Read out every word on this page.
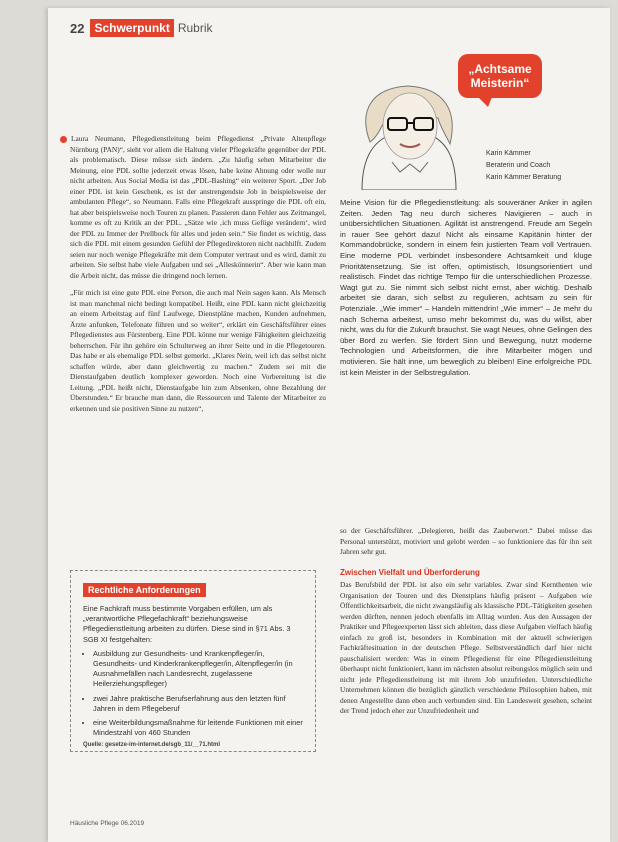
22 Schwerpunkt Rubrik
„Achtsame
Meisterin“
Karin Kämmer
Beraterin und Coach
Karin Kämmer Beratung

Laura Neumann, Pflegedienstleitung beim Pflegedienst „Private Altenpflege Nürnburg (PAN)“, sieht vor allem die Haltung vieler Pflegekräfte gegenüber der PDL als problematisch. Diese müsse sich ändern. „Zu häufig sehen Mitarbeiter die Meinung, eine PDL sollte jederzeit etwas lösen, habe keine Ahnung oder wolle nur nicht arbeiten. Aus Social Media ist das „PDL-Bashing“ ein weiterer Sport. „Der Job einer PDL ist kein Geschenk, es ist der anstrengendste Job in beispielsweise der ambulanten Pflege“, so Neumann. Falls eine Pflegekraft ausspringe die PDL oft ein, hat aber beispielsweise noch Touren zu planen. Passieren dann Fehler aus Zeitmangel, komme es oft zu Kritik an der PDL. „Sätze wie ‚ich muss Gefüge verändern‘, wird der PDL zu Immer der Prellbock für alles und jeden sein.“ Sie findet es wichtig, dass sich die PDL mit einem gesunden Gefühl der Pflegedirektoren nicht nachhilft. Zudem seien nur noch wenige Pflegekräfte mit dem Computer vertraut und es wird, damit zu arbeiten. Sie selbst habe viele Aufgaben und sei „Alleskönnerin“. Aber wie kann man die Arbeit nicht, das müsse die dringend noch lernen.

„Für mich ist eine gute PDL eine Person, die auch mal Nein sagen kann. Als Mensch ist man manchmal nicht bedingt kompatibel. Heißt, eine PDL kann nicht gleichzeitig an einem Arbeitstag auf fünf Laufwege, Dienstpläne machen, Kunden aufnehmen, Ärzte anfunken, Telefonate führen und so weiter“, erklärt ein Geschäftsführer eines Pflegedienstes aus Fürstenberg. Eine PDL könne nur wenige Fähigkeiten gleichzeitig beherrschen. Für ihn gehöre ein Schulterweg an ihrer Seite und in die Pflegetouren. Das habe er als ehemalige PDL selbst gemerkt. „Klares Nein, weil ich das selbst nicht schaffen würde, aber dann gleichwertig zu machen.“ Zudem sei mit die Dienstaufgaben deutlich komplexer geworden. Noch eine Vorbereitung ist die Leitung. „PDL heißt nicht, Dienstaufgabe hin zum Absenken, ohne Bezahlung der Überstunden.“ Er brauche man dann, die Ressourcen und Talente der Mitarbeiter zu erkennen und sie positiven Sinne zu nutzen“,

Meine Vision für die Pflegedienstleitung: als souveräner Anker in agilen Zeiten. Jeden Tag neu durch sicheres Navigieren – auch in unübersichtlichen Situationen. Agilität ist anstrengend. Freude am Segeln in rauer See gehört dazu! Nicht als einsame Kapitänin hinter der Kommandobrücke, sondern in einem fein justierten Team voll Vertrauen. Eine moderne PDL verbindet insbesondere Achtsamkeit und kluge Prioritätensetzung. Sie ist offen, optimistisch, lösungsorientiert und realistisch. Findet das richtige Tempo für die unterschiedlichen Prozesse. Wagt gut zu. Sie nimmt sich selbst nicht ernst, aber wichtig. Deshalb arbeitet sie daran, sich selbst zu regulieren, achtsam zu sein für Potenziale. „Wie immer“ – Handeln mittendrin! „Wie immer“ – Je mehr du nach Schema arbeitest, umso mehr bekommst du, was du willst, aber nicht, was du für die Zukunft brauchst. Sie wagt Neues, ohne Gelingen des über Bord zu werfen. Sie fördert Sinn und Bewegung, nutzt moderne Technologien und Arbeitsformen, die ihre Mitarbeiter mögen und motivieren. Sie hält inne, um beweglich zu bleiben! Eine erfolgreiche PDL ist kein Meister in der Selbstregulation.

so der Geschäftsführer. „Delegieren, heißt das Zauberwort.“ Dabei müsse das Personal unterstützt, motiviert und gelobt werden – so funktioniere das für ihn seit Jahren sehr gut.

Zwischen Vielfalt und Überforderung

Das Berufsbild der PDL ist also ein sehr variables. Zwar sind Kernthemen wie Organisation der Touren und des Dienstplans häufig präsent – Aufgaben wie Öffentlichkeitsarbeit, die nicht zwangsläufig als klassische PDL-Tätigkeiten gesehen werden dürften, nennen jedoch ebenfalls im Alltag wurden. Aus den Aussagen der Praktiker und Pflegeexperten lässt sich ableiten, dass diese Aufgaben vielfach häufig einfach zu groß ist, besonders in Kombination mit der aktuell schwierigen Fachkräftesituation in der deutschen Pflege. Selbstverständlich darf hier nicht pauschalisiert werden: Was in einem Pflegedienst für eine Pflegedienstleitung überhaupt nicht funktioniert, kann im nächsten absolut reibungslos möglich sein und nicht jede Pflegedienstleitung ist mit ihrem Job unzufrieden. Unterschiedliche Unternehmen können die bezüglich gänzlich verschiedene Philosophien haben, mit denen Angestellte dann eben auch verbunden sind. Ein Landesweit gesehen, scheint der Trend jedoch eher zur Unzufriedenheit und

Rechtliche Anforderungen
Eine Fachkraft muss bestimmte Vorgaben erfüllen, um als „verantwortliche Pflegefachkraft“ beziehungsweise Pflegedienstleitung arbeiten zu dürfen. Diese sind in §71 Abs. 3 SGB XI festgehalten:
• Ausbildung zur Gesundheits- und Krankenpfleger/in, Gesundheits- und Kinderkrankenpfleger/in, Altenpfleger/in (in Ausnahmefällen nach Landesrecht, zugelassene Heilerziehungspfleger)
• zwei Jahre praktische Berufserfahrung aus den letzten fünf Jahren in dem Pflegeberuf
• eine Weiterbildungsmaßnahme für leitende Funktionen mit einer Mindestzahl von 460 Stunden
Quelle: gesetze-im-internet.de/sgb_11/__71.html
Häusliche Pflege 06.2019
